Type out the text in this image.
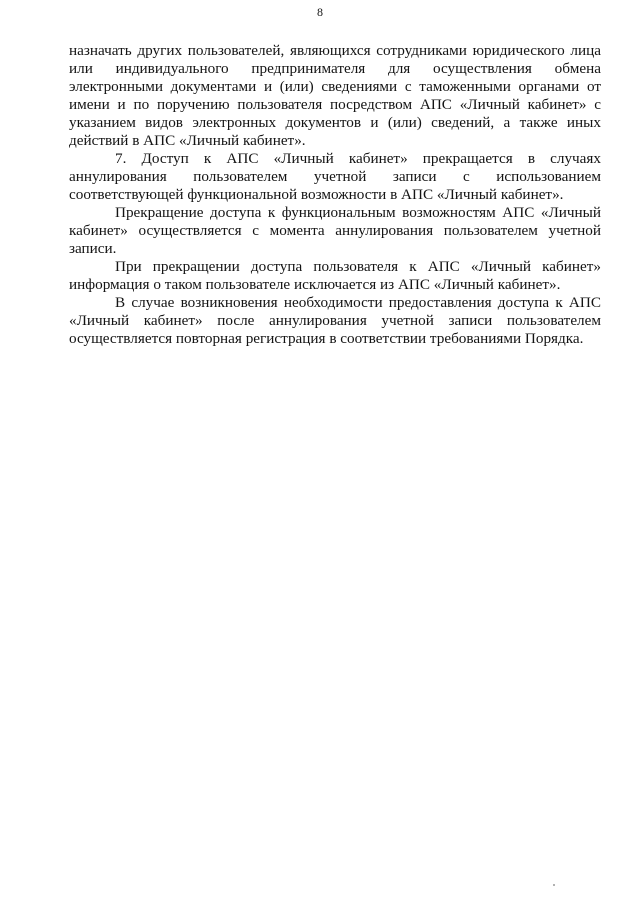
8

назначать других пользователей, являющихся сотрудниками юридического лица или индивидуального предпринимателя для осуществления обмена электронными документами и (или) сведениями с таможенными органами от имени и по поручению пользователя посредством АПС «Личный кабинет» с указанием видов электронных документов и (или) сведений, а также иных действий в АПС «Личный кабинет».

7. Доступ к АПС «Личный кабинет» прекращается в случаях аннулирования пользователем учетной записи с использованием соответствующей функциональной возможности в АПС «Личный кабинет».

Прекращение доступа к функциональным возможностям АПС «Личный кабинет» осуществляется с момента аннулирования пользователем учетной записи.

При прекращении доступа пользователя к АПС «Личный кабинет» информация о таком пользователе исключается из АПС «Личный кабинет».

В случае возникновения необходимости предоставления доступа к АПС «Личный кабинет» после аннулирования учетной записи пользователем осуществляется повторная регистрация в соответствии требованиями Порядка.
